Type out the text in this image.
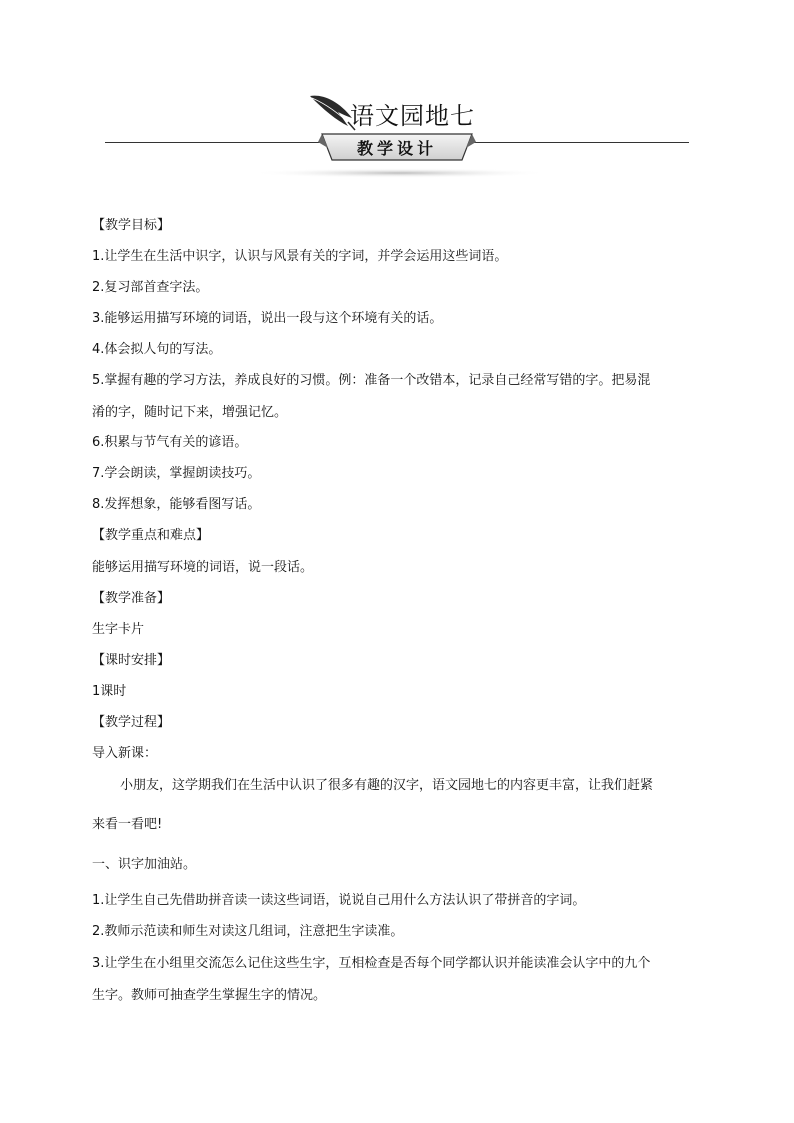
语文园地七
教学设计
【教学目标】
1.让学生在生活中识字，认识与风景有关的字词，并学会运用这些词语。
2.复习部首查字法。
3.能够运用描写环境的词语，说出一段与这个环境有关的话。
4.体会拟人句的写法。
5.掌握有趣的学习方法，养成良好的习惯。例：准备一个改错本，记录自己经常写错的字。把易混
淆的字，随时记下来，增强记忆。
6.积累与节气有关的谚语。
7.学会朗读，掌握朗读技巧。
8.发挥想象，能够看图写话。
【教学重点和难点】
能够运用描写环境的词语，说一段话。
【教学准备】
生字卡片
【课时安排】
1课时
【教学过程】
导入新课：
小朋友，这学期我们在生活中认识了很多有趣的汉字，语文园地七的内容更丰富，让我们赶紧
来看一看吧!
一、识字加油站。
1.让学生自己先借助拼音读一读这些词语，说说自己用什么方法认识了带拼音的字词。
2.教师示范读和师生对读这几组词，注意把生字读准。
3.让学生在小组里交流怎么记住这些生字，互相检查是否每个同学都认识并能读准会认字中的九个
生字。教师可抽查学生掌握生字的情况。
